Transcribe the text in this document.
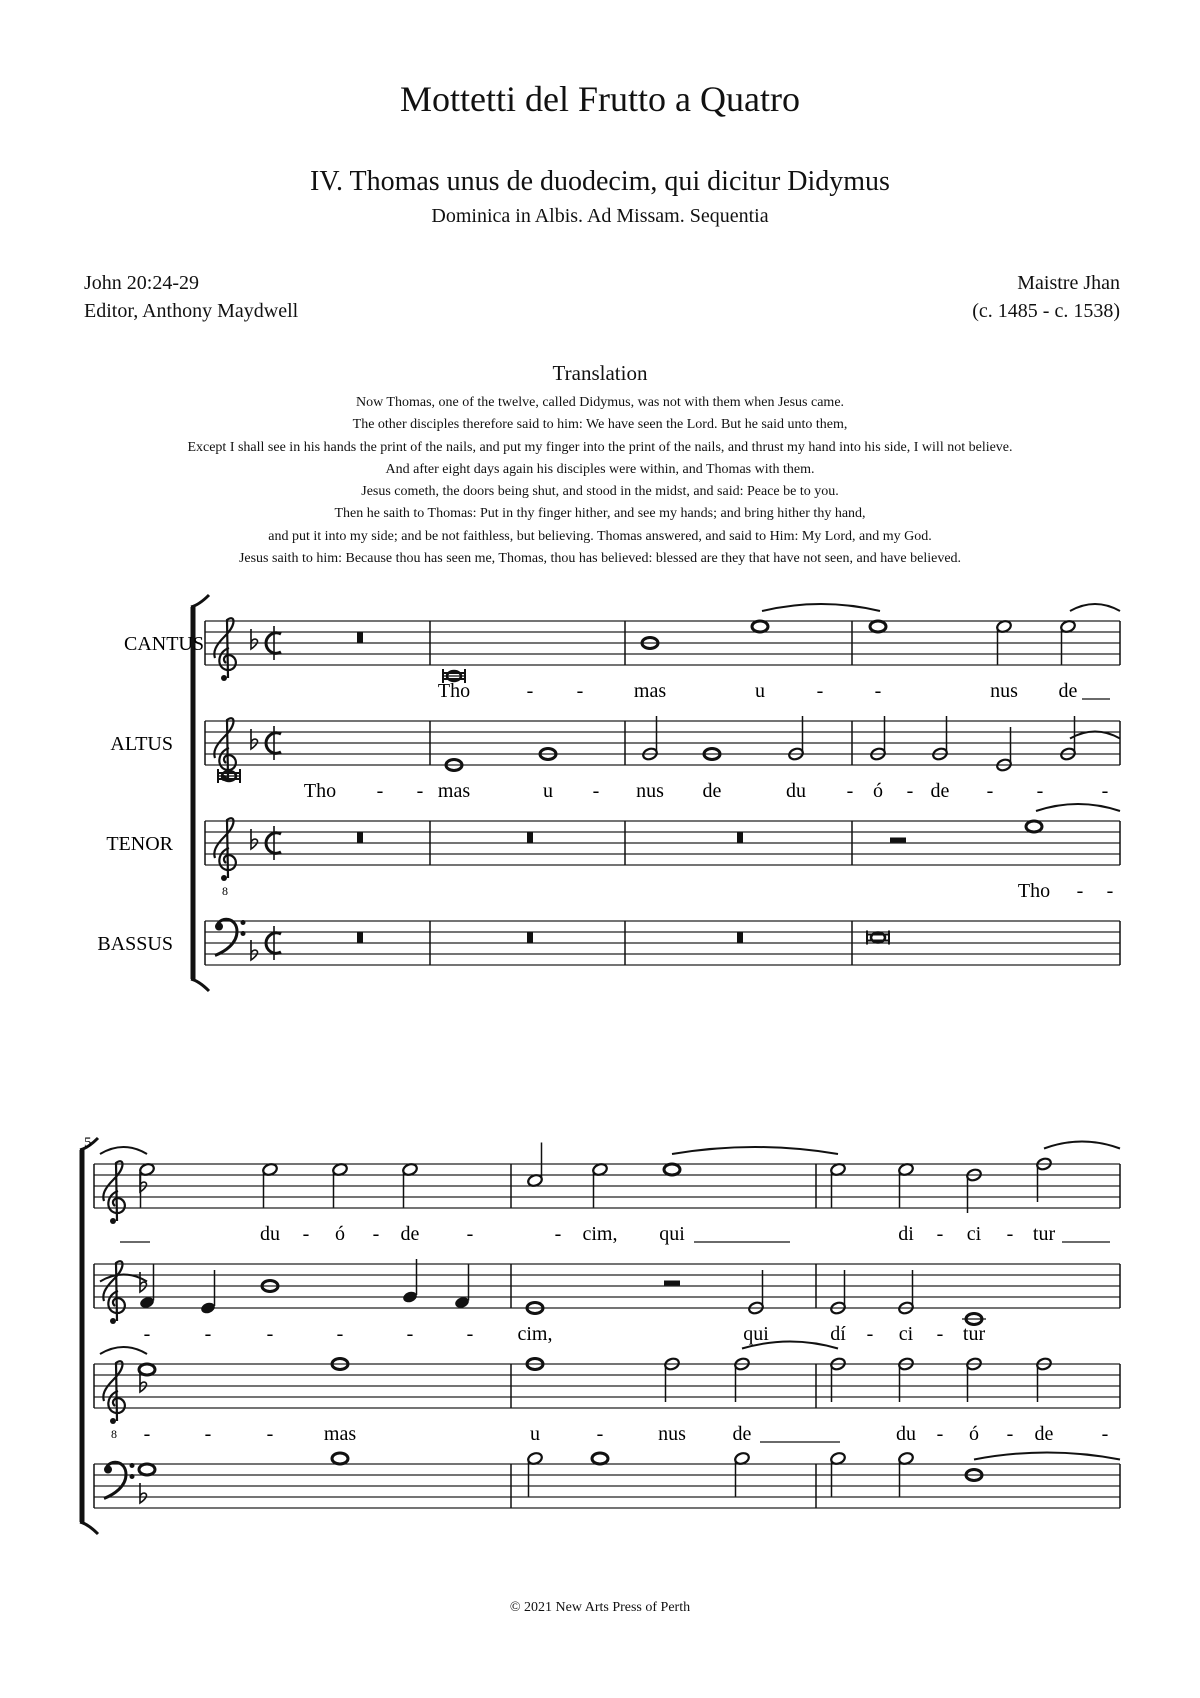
Mottetti del Frutto a Quatro
IV. Thomas unus de duodecim, qui dicitur Didymus
Dominica in Albis. Ad Missam. Sequentia
John 20:24-29
Editor, Anthony Maydwell
Maistre Jhan
(c. 1485 - c. 1538)
Translation
Now Thomas, one of the twelve, called Didymus, was not with them when Jesus came.
The other disciples therefore said to him: We have seen the Lord. But he said unto them,
Except I shall see in his hands the print of the nails, and put my finger into the print of the nails, and thrust my hand into his side, I will not believe.
And after eight days again his disciples were within, and Thomas with them.
Jesus cometh, the doors being shut, and stood in the midst, and said: Peace be to you.
Then he saith to Thomas: Put in thy finger hither, and see my hands; and bring hither thy hand,
and put it into my side; and be not faithless, but believing. Thomas answered, and said to Him: My Lord, and my God.
Jesus saith to him: Because thou has seen me, Thomas, thou has believed: blessed are they that have not seen, and have believed.
8
Tho	- -	mas	u	-	-	nus de
Tho - - mas	u - nus de	du - ó - de - -	-
Tho - -
8
du - ó - de -	cim, qui	di - ci - tur
-
-	-	-	-	-	- cim,	qui	dí - ci - tur
-	-	-	mas	u	-	nus de	du - ó - de -
CANTUS
ALTUS
TENOR
BASSUS
5
© 2021 New Arts Press of Perth
